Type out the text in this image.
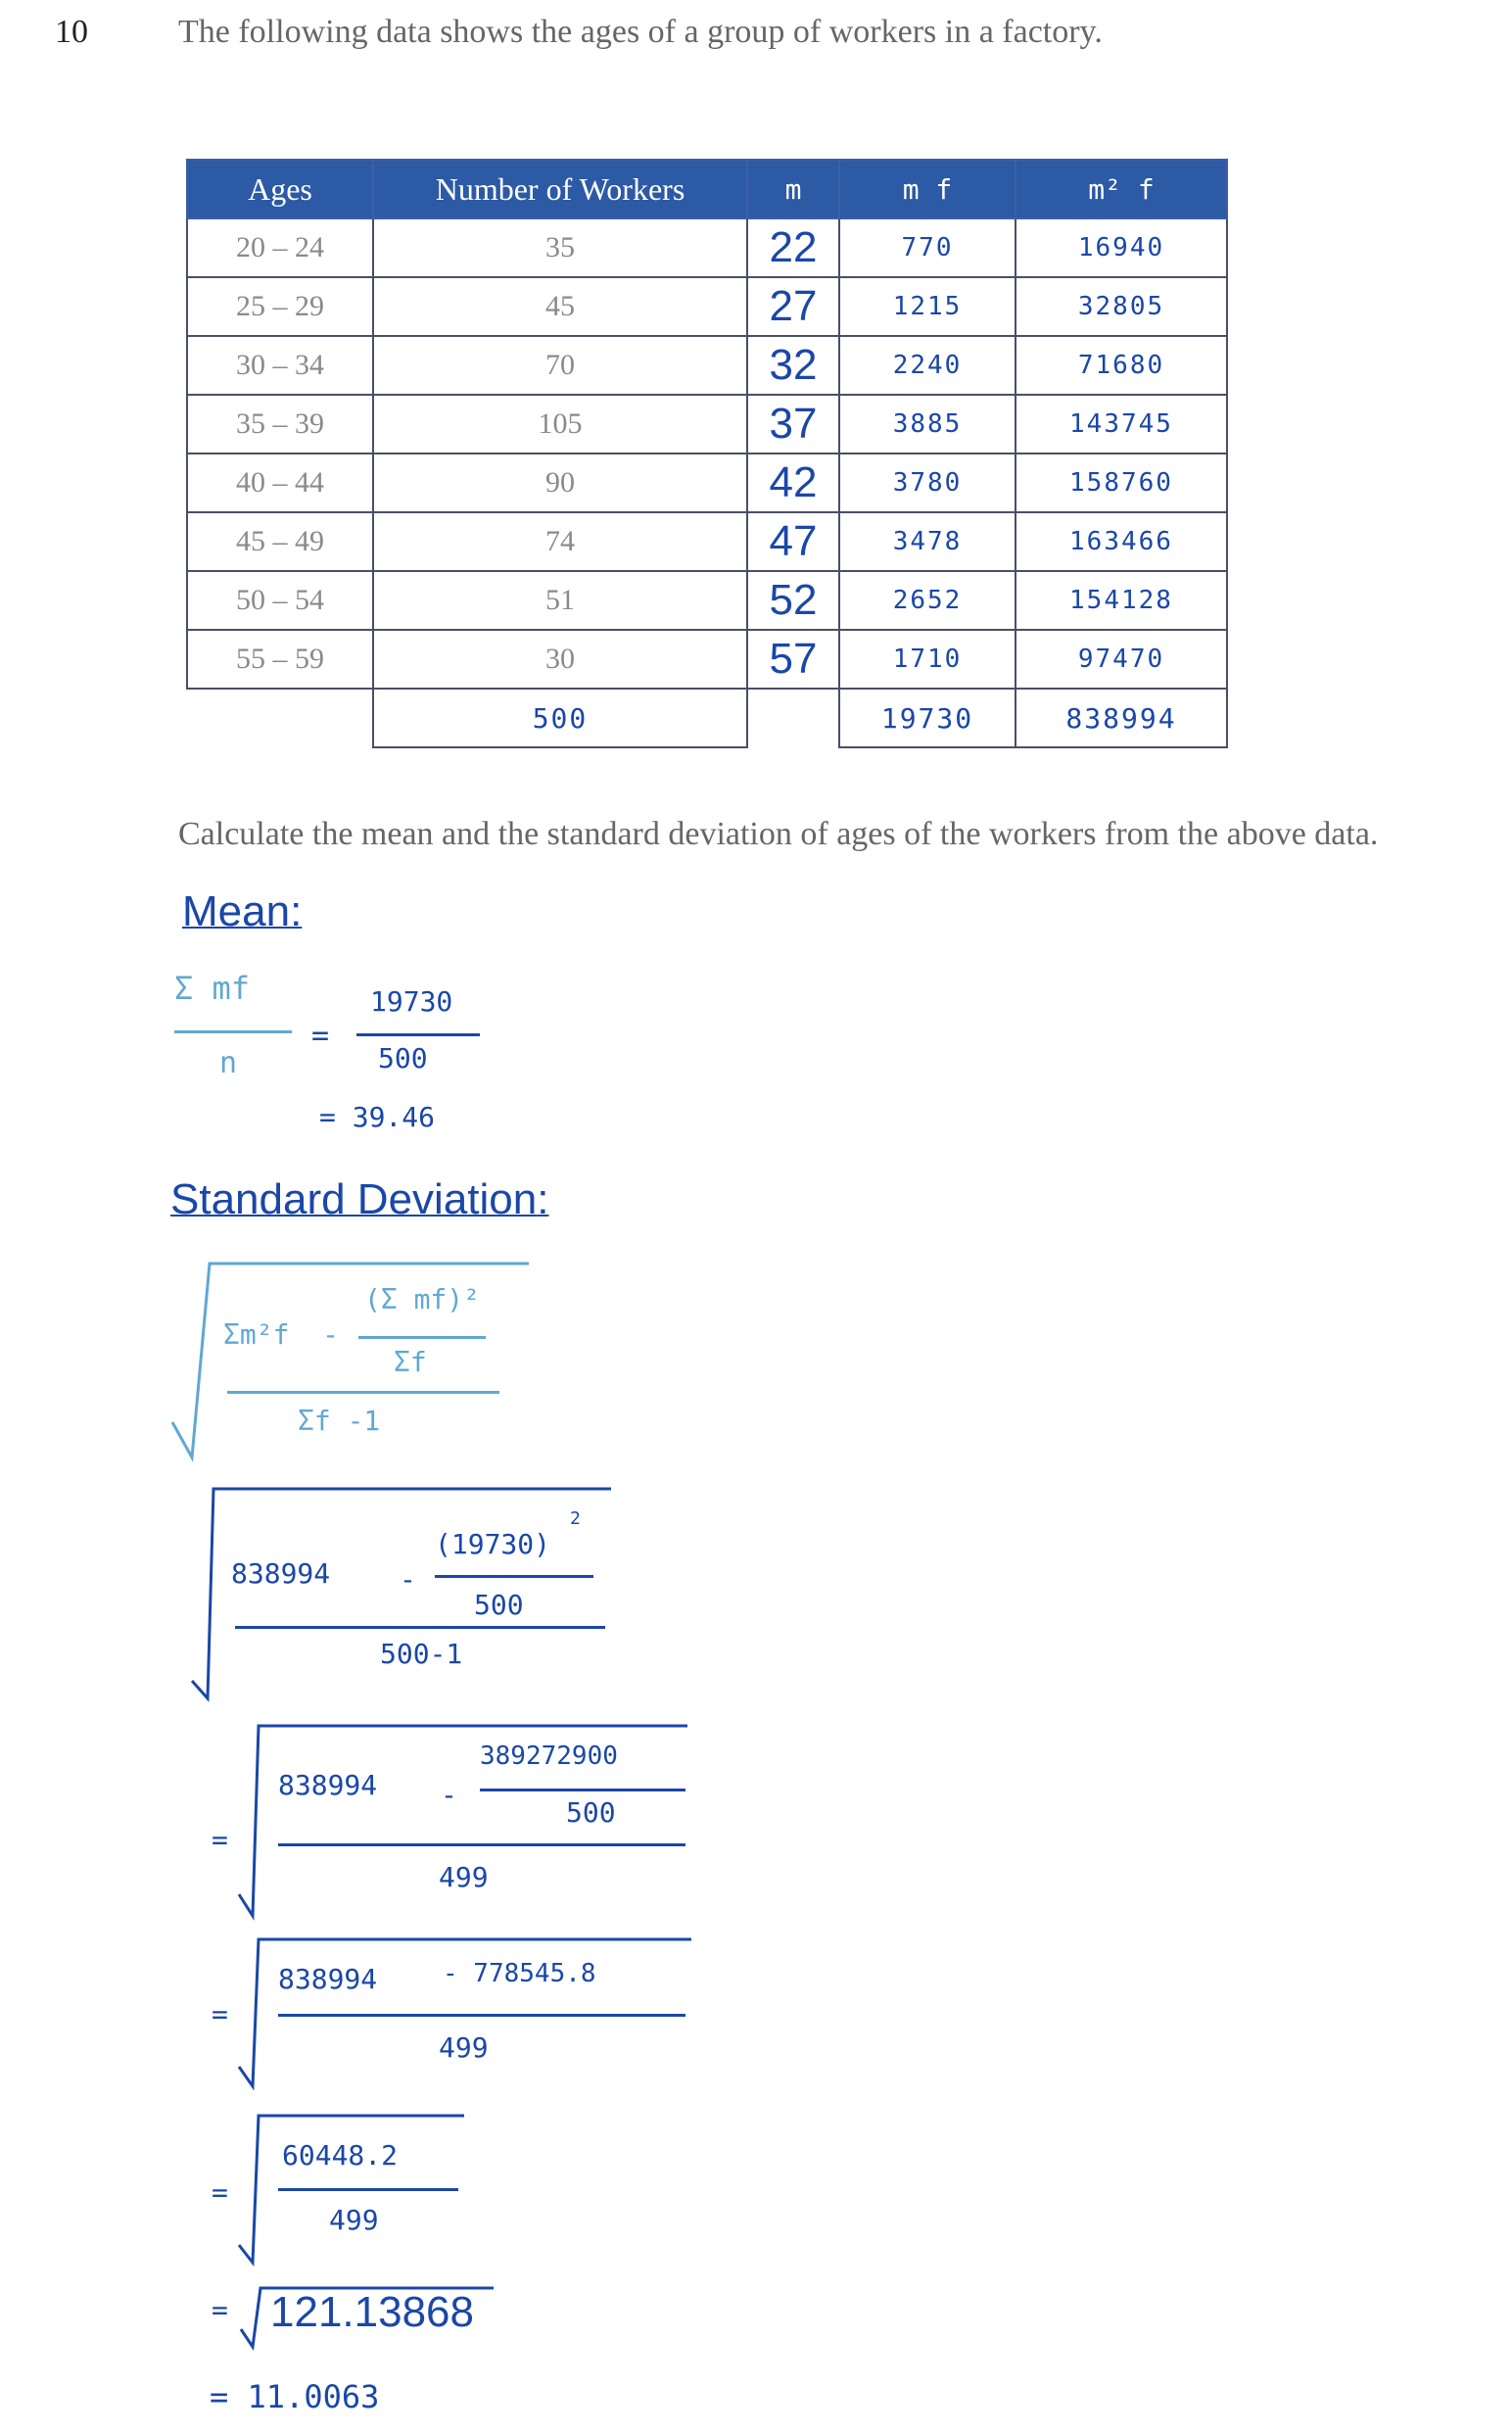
10	The following data shows the ages of a group of workers in a factory.
Ages	Number of Workers	m	m f	m² f
20 – 24	35	22	770	16940
25 – 29	45	27	1215	32805
30 – 34	70	32	2240	71680
35 – 39	105	37	3885	143745
40 – 44	90	42	3780	158760
45 – 49	74	47	3478	163466
50 – 54	51	52	2652	154128
55 – 59	30	57	1710	97470
	500		19730	838994
Calculate the mean and the standard deviation of ages of the workers from the above data.
Mean:
Σ mf
n
=
19730
500
= 39.46
Standard Deviation:
Σm²f  -
(Σ mf)²
Σf
Σf -1
838994	-
(19730)
2
500
500-1
=
838994 -
389272900
500
499
=
838994	- 778545.8
499
=
60448.2
499
= 121.13868
= 11.0063
